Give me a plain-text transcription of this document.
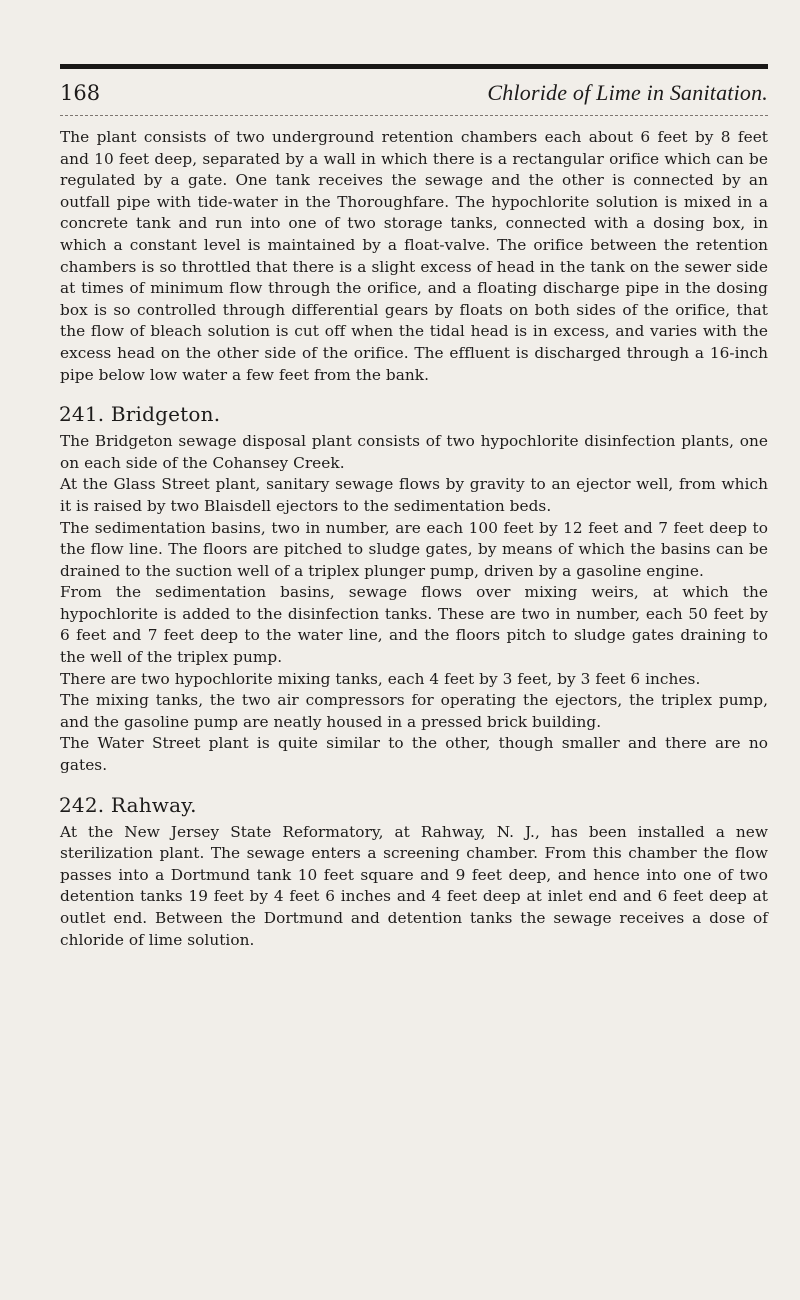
168	Chloride of Lime in Sanitation.

The plant consists of two underground retention chambers each about 6 feet by 8 feet and 10 feet deep, separated by a wall in which there is a rectangular orifice which can be regulated by a gate. One tank receives the sewage and the other is connected by an outfall pipe with tide-water in the Thoroughfare. The hypochlorite solution is mixed in a concrete tank and run into one of two storage tanks, connected with a dosing box, in which a constant level is maintained by a float-valve. The orifice between the retention chambers is so throttled that there is a slight excess of head in the tank on the sewer side at times of minimum flow through the orifice, and a floating discharge pipe in the dosing box is so controlled through differential gears by floats on both sides of the orifice, that the flow of bleach solution is cut off when the tidal head is in excess, and varies with the excess head on the other side of the orifice. The effluent is discharged through a 16-inch pipe below low water a few feet from the bank.

241. Bridgeton.

The Bridgeton sewage disposal plant consists of two hypochlorite disinfection plants, one on each side of the Cohansey Creek.

At the Glass Street plant, sanitary sewage flows by gravity to an ejector well, from which it is raised by two Blaisdell ejectors to the sedimentation beds.

The sedimentation basins, two in number, are each 100 feet by 12 feet and 7 feet deep to the flow line. The floors are pitched to sludge gates, by means of which the basins can be drained to the suction well of a triplex plunger pump, driven by a gasoline engine.

From the sedimentation basins, sewage flows over mixing weirs, at which the hypochlorite is added to the disinfection tanks. These are two in number, each 50 feet by 6 feet and 7 feet deep to the water line, and the floors pitch to sludge gates draining to the well of the triplex pump.

There are two hypochlorite mixing tanks, each 4 feet by 3 feet, by 3 feet 6 inches.

The mixing tanks, the two air compressors for operating the ejectors, the triplex pump, and the gasoline pump are neatly housed in a pressed brick building.

The Water Street plant is quite similar to the other, though smaller and there are no gates.

242. Rahway.

At the New Jersey State Reformatory, at Rahway, N. J., has been installed a new sterilization plant. The sewage enters a screening chamber. From this chamber the flow passes into a Dortmund tank 10 feet square and 9 feet deep, and hence into one of two detention tanks 19 feet by 4 feet 6 inches and 4 feet deep at inlet end and 6 feet deep at outlet end. Between the Dortmund and detention tanks the sewage receives a dose of chloride of lime solution.
